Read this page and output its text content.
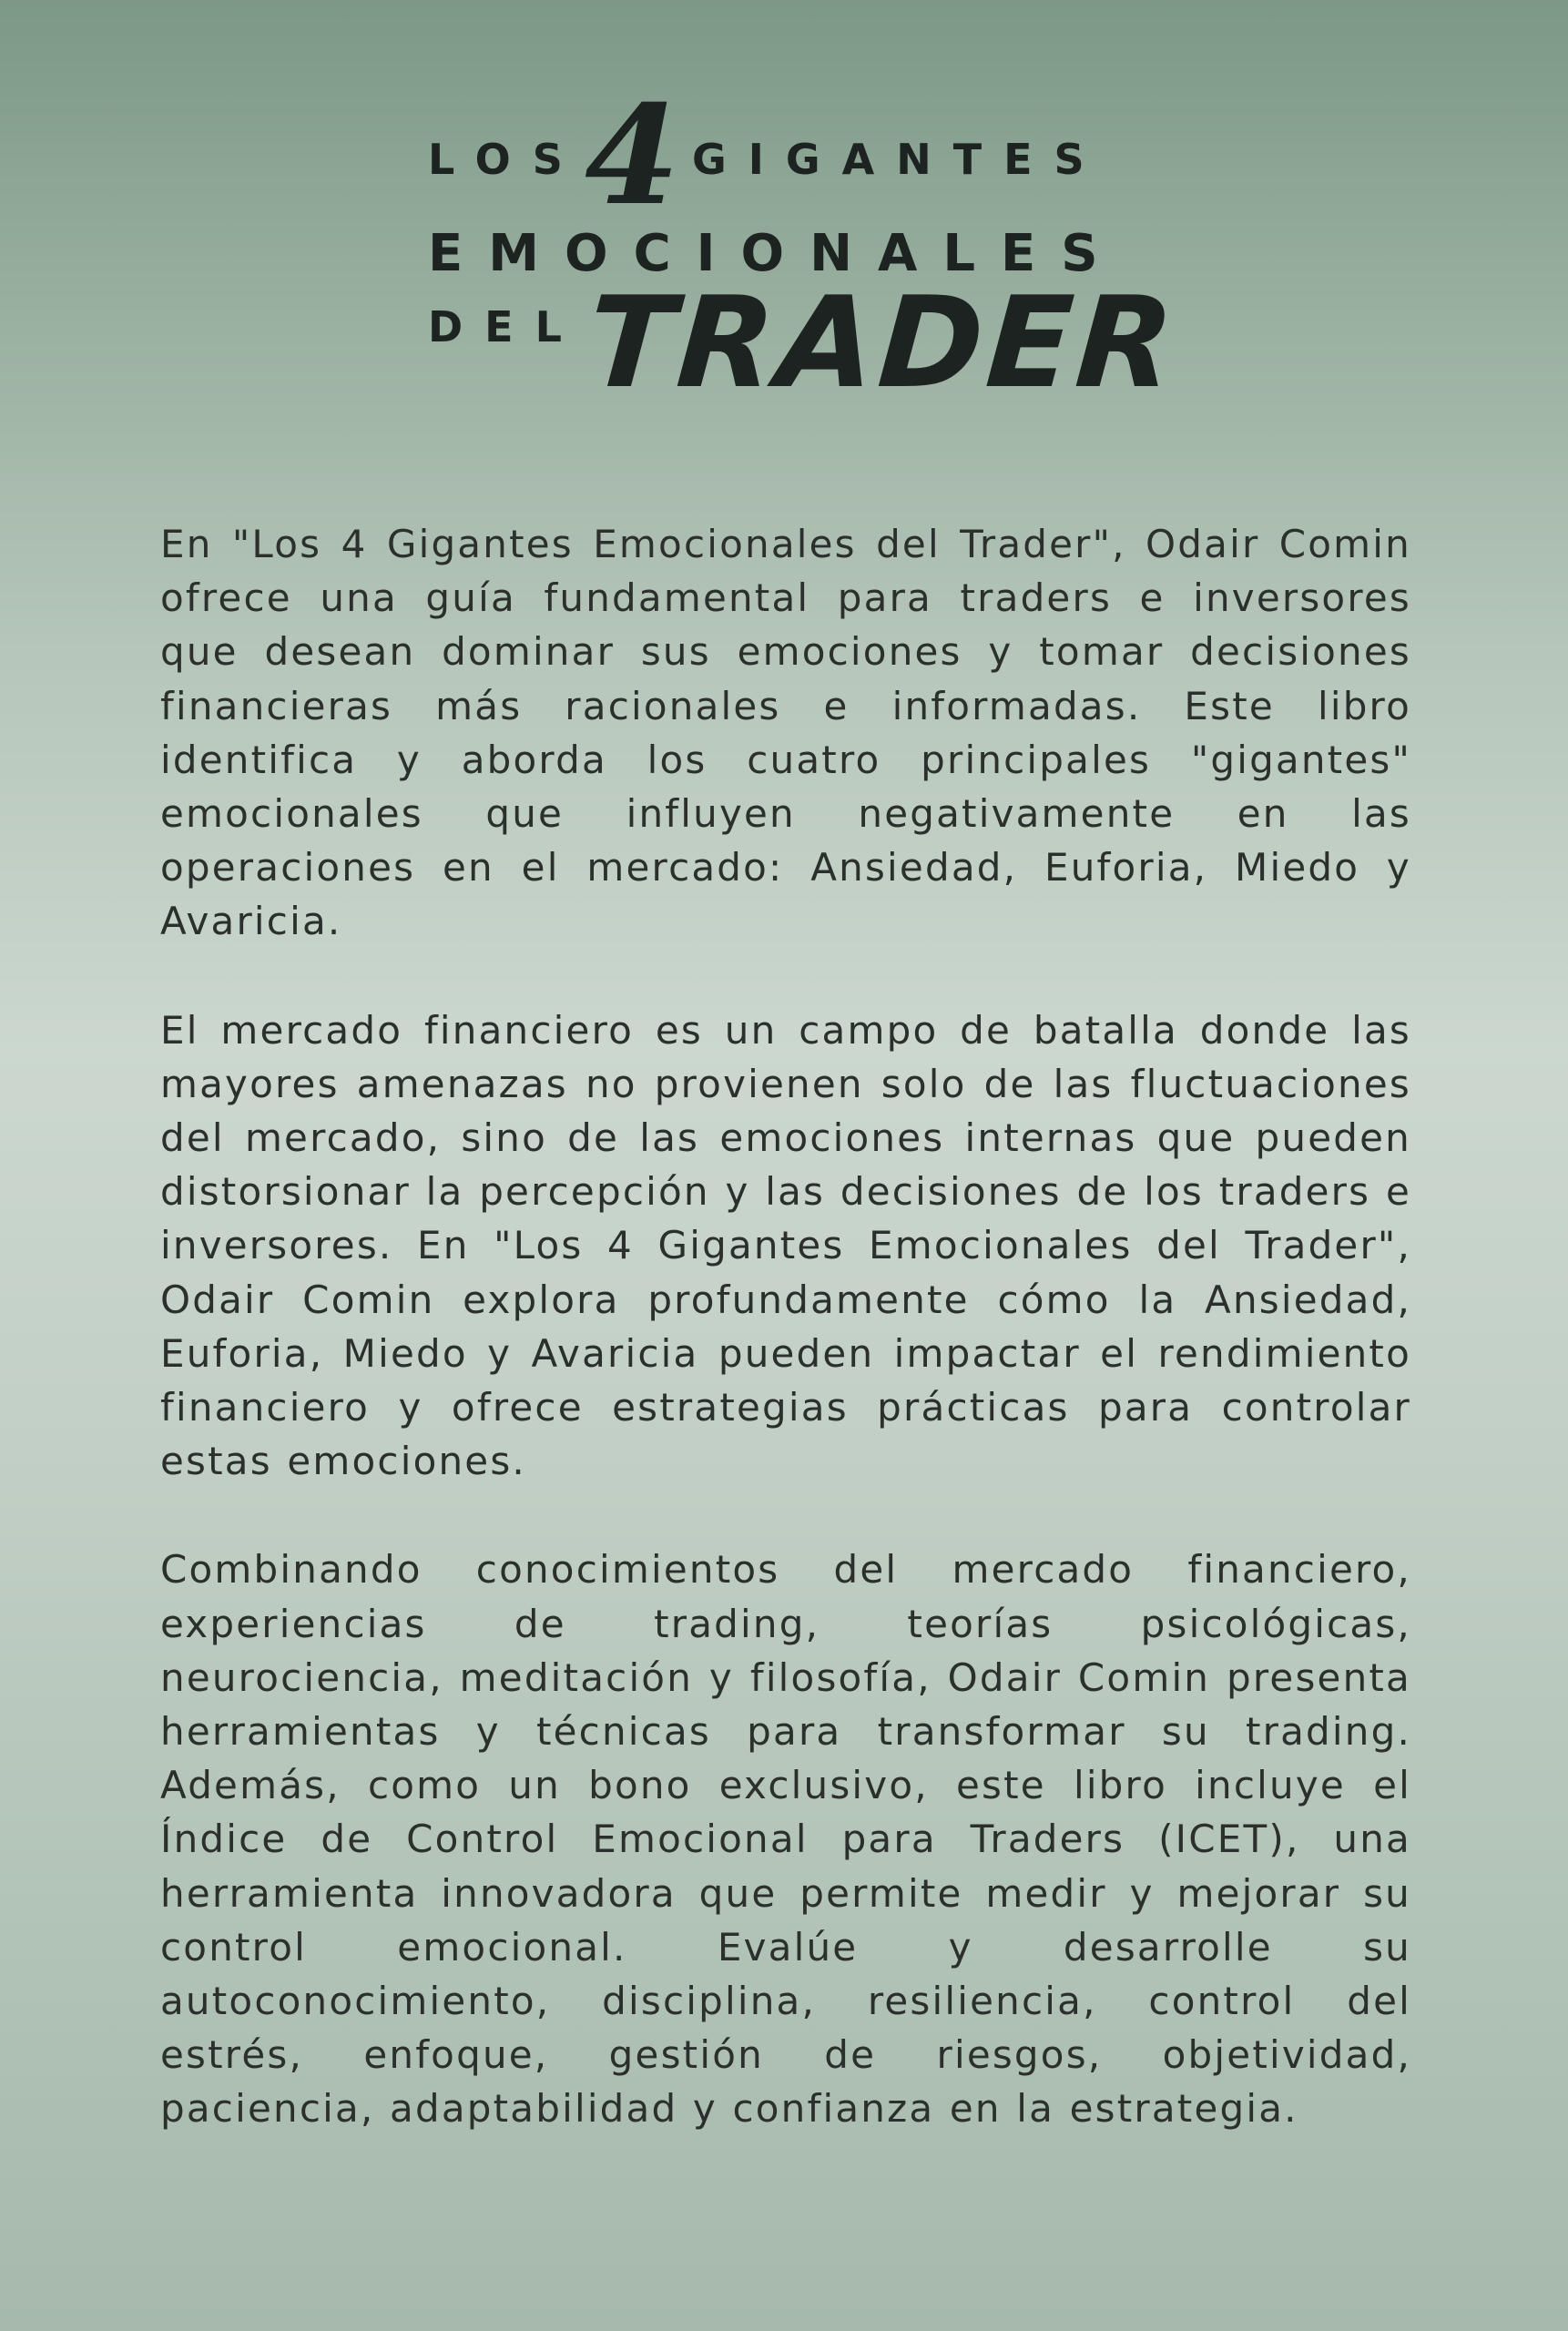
LOS 4 GIGANTES
EMOCIONALES
DEL TRADER

En "Los 4 Gigantes Emocionales del Trader", Odair Comin ofrece una guía fundamental para traders e inversores que desean dominar sus emociones y tomar decisiones financieras más racionales e informadas. Este libro identifica y aborda los cuatro principales "gigantes" emocionales que influyen negativamente en las operaciones en el mercado: Ansiedad, Euforia, Miedo y Avaricia.

El mercado financiero es un campo de batalla donde las mayores amenazas no provienen solo de las fluctuaciones del mercado, sino de las emociones internas que pueden distorsionar la percepción y las decisiones de los traders e inversores. En "Los 4 Gigantes Emocionales del Trader", Odair Comin explora profundamente cómo la Ansiedad, Euforia, Miedo y Avaricia pueden impactar el rendimiento financiero y ofrece estrategias prácticas para controlar estas emociones.

Combinando conocimientos del mercado financiero, experiencias de trading, teorías psicológicas, neurociencia, meditación y filosofía, Odair Comin presenta herramientas y técnicas para transformar su trading. Además, como un bono exclusivo, este libro incluye el Índice de Control Emocional para Traders (ICET), una herramienta innovadora que permite medir y mejorar su control emocional. Evalúe y desarrolle su autoconocimiento, disciplina, resiliencia, control del estrés, enfoque, gestión de riesgos, objetividad, paciencia, adaptabilidad y confianza en la estrategia.
